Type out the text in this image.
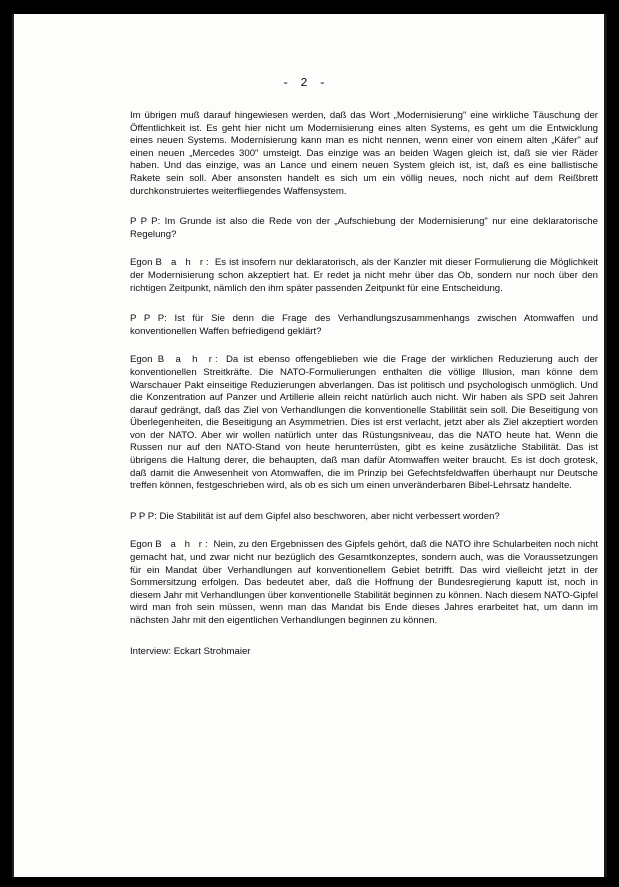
- 2 -

Im übrigen muß darauf hingewiesen werden, daß das Wort „Modernisierung" eine wirkliche Täuschung der Öffentlichkeit ist. Es geht hier nicht um Modernisierung eines alten Systems, es geht um die Entwicklung eines neuen Systems. Modernisierung kann man es nicht nennen, wenn einer von einem alten „Käfer" auf einen neuen „Mercedes 300" umsteigt. Das einzige was an beiden Wagen gleich ist, daß sie vier Räder haben. Und das einzige, was an Lance und einem neuen System gleich ist, ist, daß es eine ballistische Rakete sein soll. Aber ansonsten handelt es sich um ein völlig neues, noch nicht auf dem Reißbrett durchkonstruiertes weiterfliegendes Waffensystem.

P P P: Im Grunde ist also die Rede von der „Aufschiebung der Modernisierung" nur eine deklaratorische Regelung?

Egon B a h r: Es ist insofern nur deklaratorisch, als der Kanzler mit dieser Formulierung die Möglichkeit der Modernisierung schon akzeptiert hat. Er redet ja nicht mehr über das Ob, sondern nur noch über den richtigen Zeitpunkt, nämlich den ihm später passenden Zeitpunkt für eine Entscheidung.

P P P: Ist für Sie denn die Frage des Verhandlungszusammenhangs zwischen Atomwaffen und konventionellen Waffen befriedigend geklärt?

Egon B a h r: Da ist ebenso offengeblieben wie die Frage der wirklichen Reduzierung auch der konventionellen Streitkräfte. Die NATO-Formulierungen enthalten die völlige Illusion, man könne dem Warschauer Pakt einseitige Reduzierungen abverlangen. Das ist politisch und psychologisch unmöglich. Und die Konzentration auf Panzer und Artillerie allein reicht natürlich auch nicht. Wir haben als SPD seit Jahren darauf gedrängt, daß das Ziel von Verhandlungen die konventionelle Stabilität sein soll. Die Beseitigung von Überlegenheiten, die Beseitigung an Asymmetrien. Dies ist erst verlacht, jetzt aber als Ziel akzeptiert worden von der NATO. Aber wir wollen natürlich unter das Rüstungsniveau, das die NATO heute hat. Wenn die Russen nur auf den NATO-Stand von heute herunterrüsten, gibt es keine zusätzliche Stabilität. Das ist übrigens die Haltung derer, die behaupten, daß man dafür Atomwaffen weiter braucht. Es ist doch grotesk, daß damit die Anwesenheit von Atomwaffen, die im Prinzip bei Gefechtsfeldwaffen überhaupt nur Deutsche treffen können, festgeschrieben wird, als ob es sich um einen unveränderbaren Bibel-Lehrsatz handelte.

P P P: Die Stabilität ist auf dem Gipfel also beschworen, aber nicht verbessert worden?

Egon B a h r: Nein, zu den Ergebnissen des Gipfels gehört, daß die NATO ihre Schularbeiten noch nicht gemacht hat, und zwar nicht nur bezüglich des Gesamtkonzeptes, sondern auch, was die Voraussetzungen für ein Mandat über Verhandlungen auf konventionellem Gebiet betrifft. Das wird vielleicht jetzt in der Sommersitzung erfolgen. Das bedeutet aber, daß die Hoffnung der Bundesregierung kaputt ist, noch in diesem Jahr mit Verhandlungen über konventionelle Stabilität beginnen zu können. Nach diesem NATO-Gipfel wird man froh sein müssen, wenn man das Mandat bis Ende dieses Jahres erarbeitet hat, um dann im nächsten Jahr mit den eigentlichen Verhandlungen beginnen zu können.

Interview: Eckart Strohmaier
